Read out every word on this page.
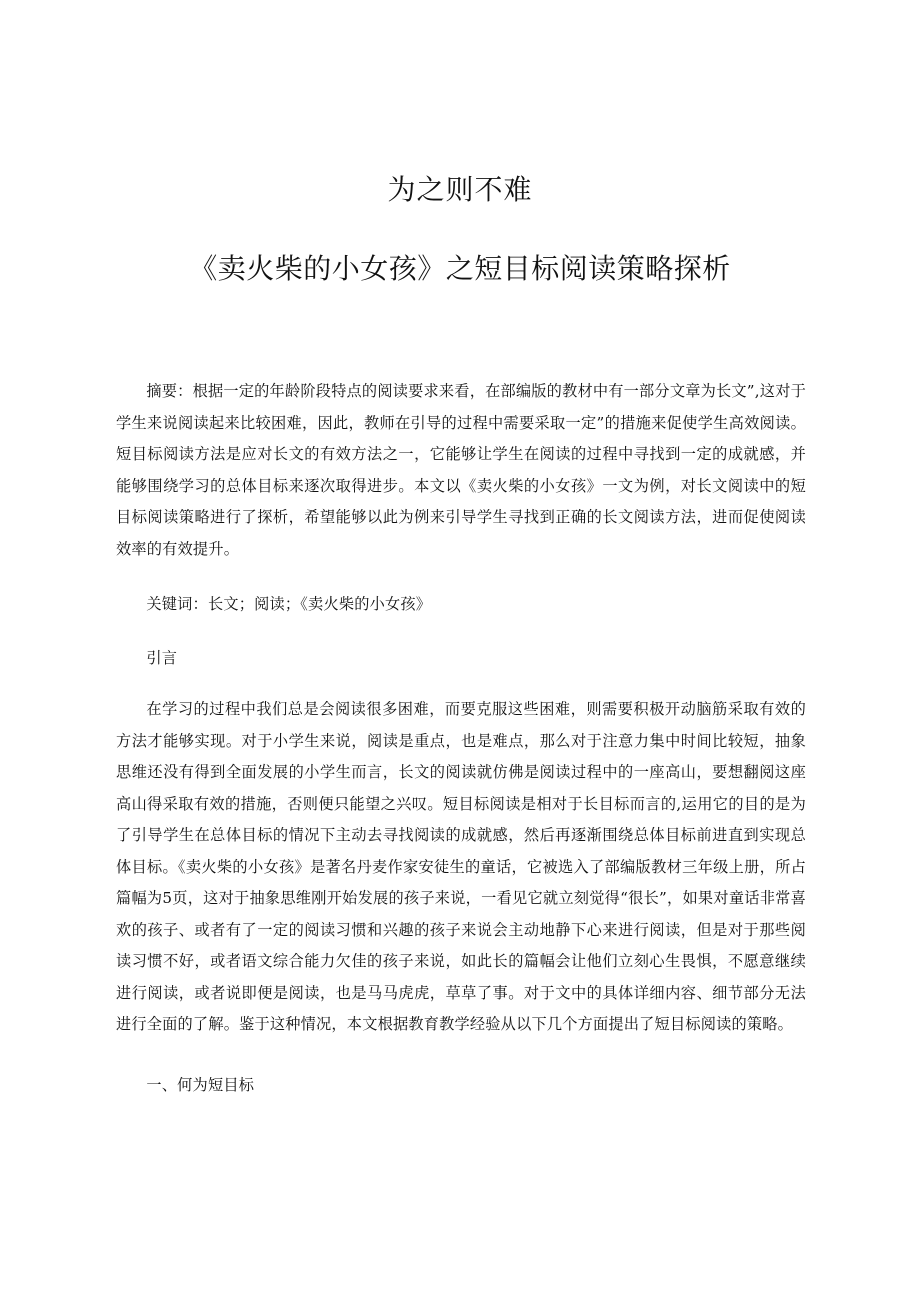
为之则不难
《卖火柴的小女孩》之短目标阅读策略探析

摘要：根据一定的年龄阶段特点的阅读要求来看，在部编版的教材中有一部分文章为长文”,这对于学生来说阅读起来比较困难，因此，教师在引导的过程中需要采取一定”的措施来促使学生高效阅读。短目标阅读方法是应对长文的有效方法之一，它能够让学生在阅读的过程中寻找到一定的成就感，并能够围绕学习的总体目标来逐次取得进步。本文以《卖火柴的小女孩》一文为例，对长文阅读中的短目标阅读策略进行了探析，希望能够以此为例来引导学生寻找到正确的长文阅读方法，进而促使阅读效率的有效提升。

关键词：长文；阅读；《卖火柴的小女孩》

引言

在学习的过程中我们总是会阅读很多困难，而要克服这些困难，则需要积极开动脑筋采取有效的方法才能够实现。对于小学生来说，阅读是重点，也是难点，那么对于注意力集中时间比较短，抽象思维还没有得到全面发展的小学生而言，长文的阅读就仿佛是阅读过程中的一座高山，要想翻阅这座高山得采取有效的措施，否则便只能望之兴叹。短目标阅读是相对于长目标而言的,运用它的目的是为了引导学生在总体目标的情况下主动去寻找阅读的成就感，然后再逐渐围绕总体目标前进直到实现总体目标。《卖火柴的小女孩》是著名丹麦作家安徒生的童话，它被选入了部编版教材三年级上册，所占篇幅为5页，这对于抽象思维刚开始发展的孩子来说，一看见它就立刻觉得“很长”，如果对童话非常喜欢的孩子、或者有了一定的阅读习惯和兴趣的孩子来说会主动地静下心来进行阅读，但是对于那些阅读习惯不好，或者语文综合能力欠佳的孩子来说，如此长的篇幅会让他们立刻心生畏惧，不愿意继续进行阅读，或者说即便是阅读，也是马马虎虎，草草了事。对于文中的具体详细内容、细节部分无法进行全面的了解。鉴于这种情况，本文根据教育教学经验从以下几个方面提出了短目标阅读的策略。

一、何为短目标
